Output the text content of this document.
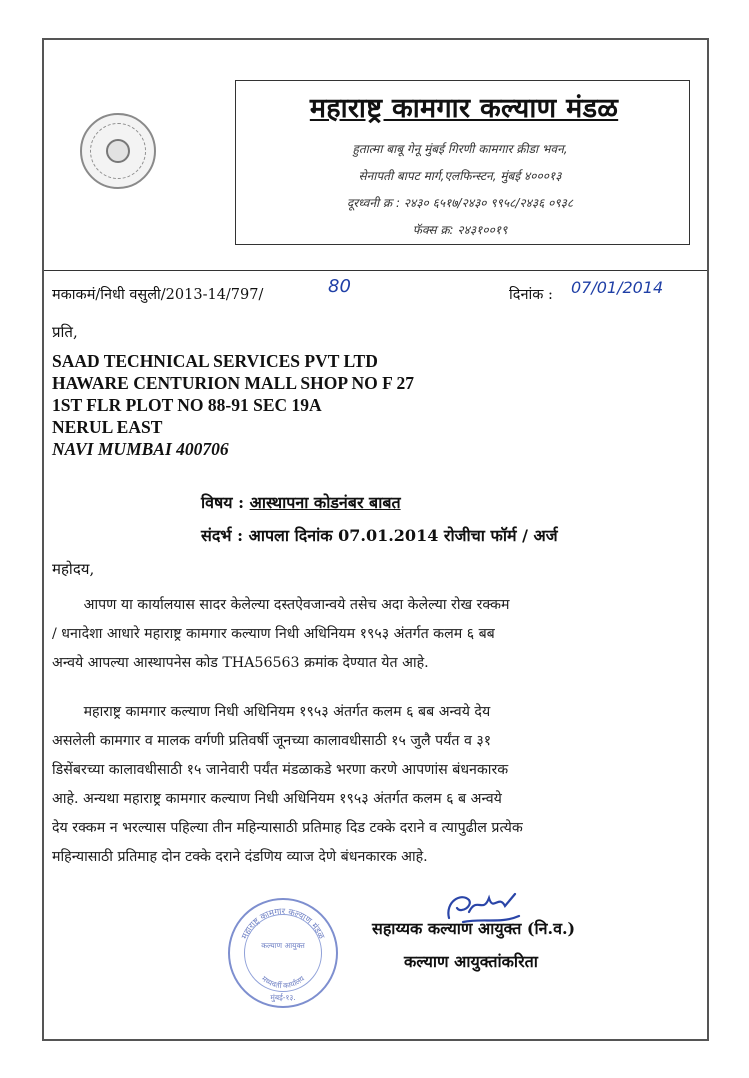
महाराष्ट्र कामगार कल्याण मंडळ
हुतात्मा बाबू गेनू मुंबई गिरणी कामगार क्रीडा भवन,
सेनापती बापट मार्ग,एलफिन्स्टन, मुंबई ४०००१३
दूरध्वनी क्र : २४३० ६५१७/२४३० ९९५८/२४३६ ०९३८
फॅक्स क्र: २४३१००१९
मकाकमं/निधी वसुली/2013-14/797/	80	दिनांक : 07/01/2014
प्रति,
SAAD TECHNICAL SERVICES PVT LTD
HAWARE CENTURION MALL SHOP NO F 27
1ST FLR PLOT NO 88-91 SEC 19A
NERUL EAST
NAVI MUMBAI 400706
विषय : आस्थापना कोडनंबर बाबत
संदर्भ : आपला दिनांक 07.01.2014 रोजीचा फॉर्म / अर्ज
महोदय,
आपण या कार्यालयास सादर केलेल्या दस्तऐवजान्वये तसेच अदा केलेल्या रोख रक्कम
/ धनादेशा आधारे महाराष्ट्र कामगार कल्याण निधी अधिनियम १९५३ अंतर्गत कलम ६ बब
अन्वये आपल्या आस्थापनेस कोड THA56563 क्रमांक देण्यात येत आहे.
महाराष्ट्र कामगार कल्याण निधी अधिनियम १९५३ अंतर्गत कलम ६ बब अन्वये देय
असलेली कामगार व मालक वर्गणी प्रतिवर्षी जूनच्या कालावधीसाठी १५ जुलै पर्यंत व ३१
डिसेंबरच्या कालावधीसाठी १५ जानेवारी पर्यंत मंडळाकडे भरणा करणे आपणांस बंधनकारक
आहे. अन्यथा महाराष्ट्र कामगार कल्याण निधी अधिनियम १९५३ अंतर्गत कलम ६ ब अन्वये
देय रक्कम न भरल्यास पहिल्या तीन महिन्यासाठी प्रतिमाह दिड टक्के दराने व त्यापुढील प्रत्येक
महिन्यासाठी प्रतिमाह दोन टक्के दराने दंडणिय व्याज देणे बंधनकारक आहे.
महाराष्ट्र कामगार कल्याण मंडळ
मध्यवर्ती कार्यालय
कल्याण आयुक्त
मुंबई-१३.
सहाय्यक कल्याण आयुक्त (नि.व.)
कल्याण आयुक्तांकरिता
